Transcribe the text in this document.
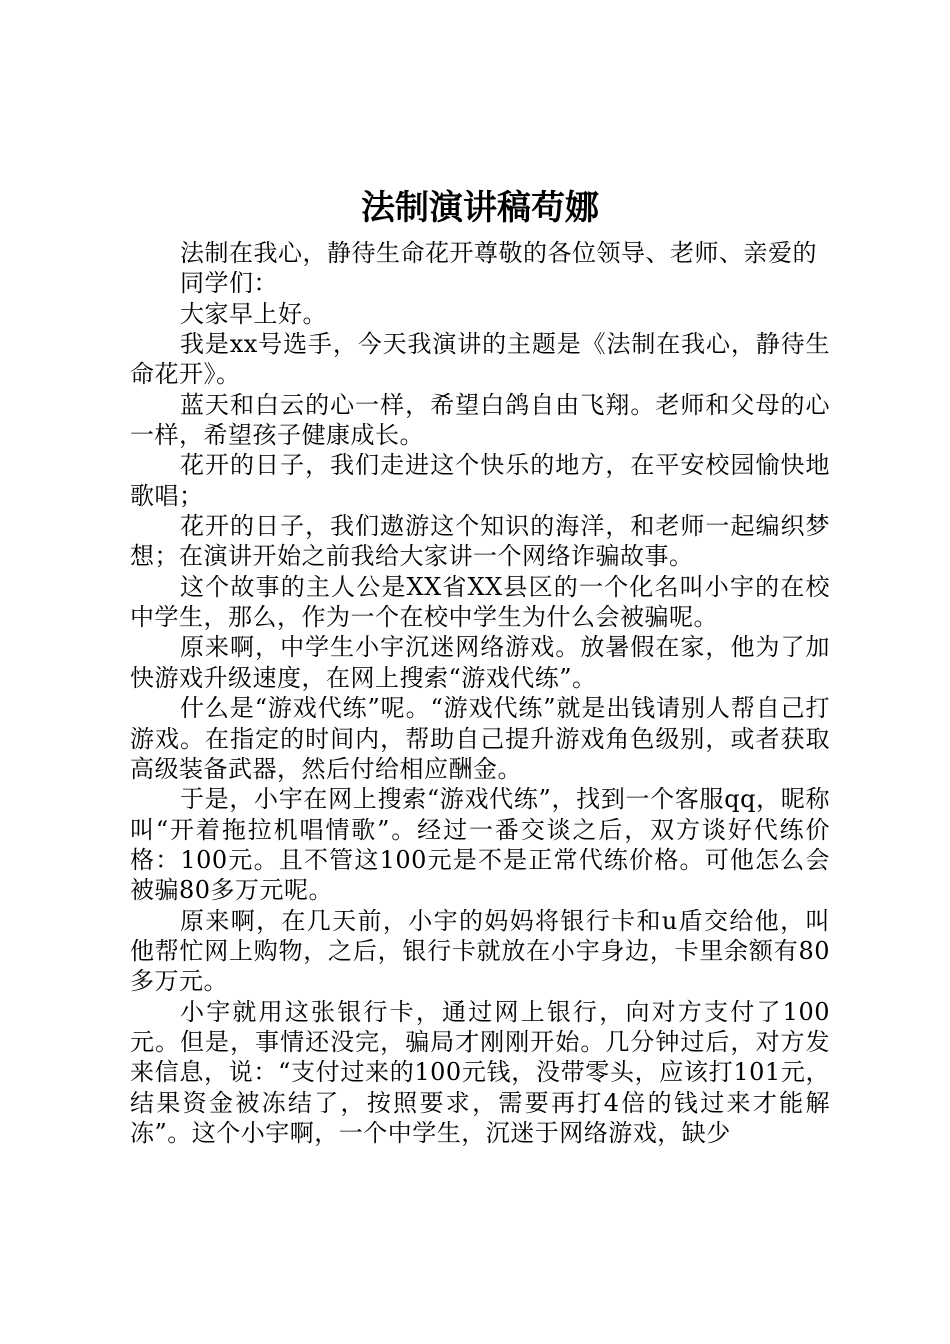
法制演讲稿苟娜

法制在我心，静待生命花开尊敬的各位领导、老师、亲爱的

同学们：

大家早上好。

我是xx号选手，今天我演讲的主题是《法制在我心，静待生命花开》。

蓝天和白云的心一样，希望白鸽自由飞翔。老师和父母的心一样，希望孩子健康成长。

花开的日子，我们走进这个快乐的地方，在平安校园愉快地歌唱；

花开的日子，我们遨游这个知识的海洋，和老师一起编织梦想；在演讲开始之前我给大家讲一个网络诈骗故事。

这个故事的主人公是XX省XX县区的一个化名叫小宇的在校中学生，那么，作为一个在校中学生为什么会被骗呢。

原来啊，中学生小宇沉迷网络游戏。放暑假在家，他为了加快游戏升级速度，在网上搜索“游戏代练”。

什么是“游戏代练”呢。“游戏代练”就是出钱请别人帮自己打游戏。在指定的时间内，帮助自己提升游戏角色级别，或者获取高级装备武器，然后付给相应酬金。

于是，小宇在网上搜索“游戏代练”，找到一个客服qq，昵称叫“开着拖拉机唱情歌”。经过一番交谈之后，双方谈好代练价格：100元。且不管这100元是不是正常代练价格。可他怎么会被骗80多万元呢。

原来啊，在几天前，小宇的妈妈将银行卡和u盾交给他，叫他帮忙网上购物，之后，银行卡就放在小宇身边，卡里余额有80多万元。

小宇就用这张银行卡，通过网上银行，向对方支付了100元。但是，事情还没完，骗局才刚刚开始。几分钟过后，对方发来信息，说：“支付过来的100元钱，没带零头，应该打101元，结果资金被冻结了，按照要求，需要再打4倍的钱过来才能解冻”。这个小宇啊，一个中学生，沉迷于网络游戏，缺少
